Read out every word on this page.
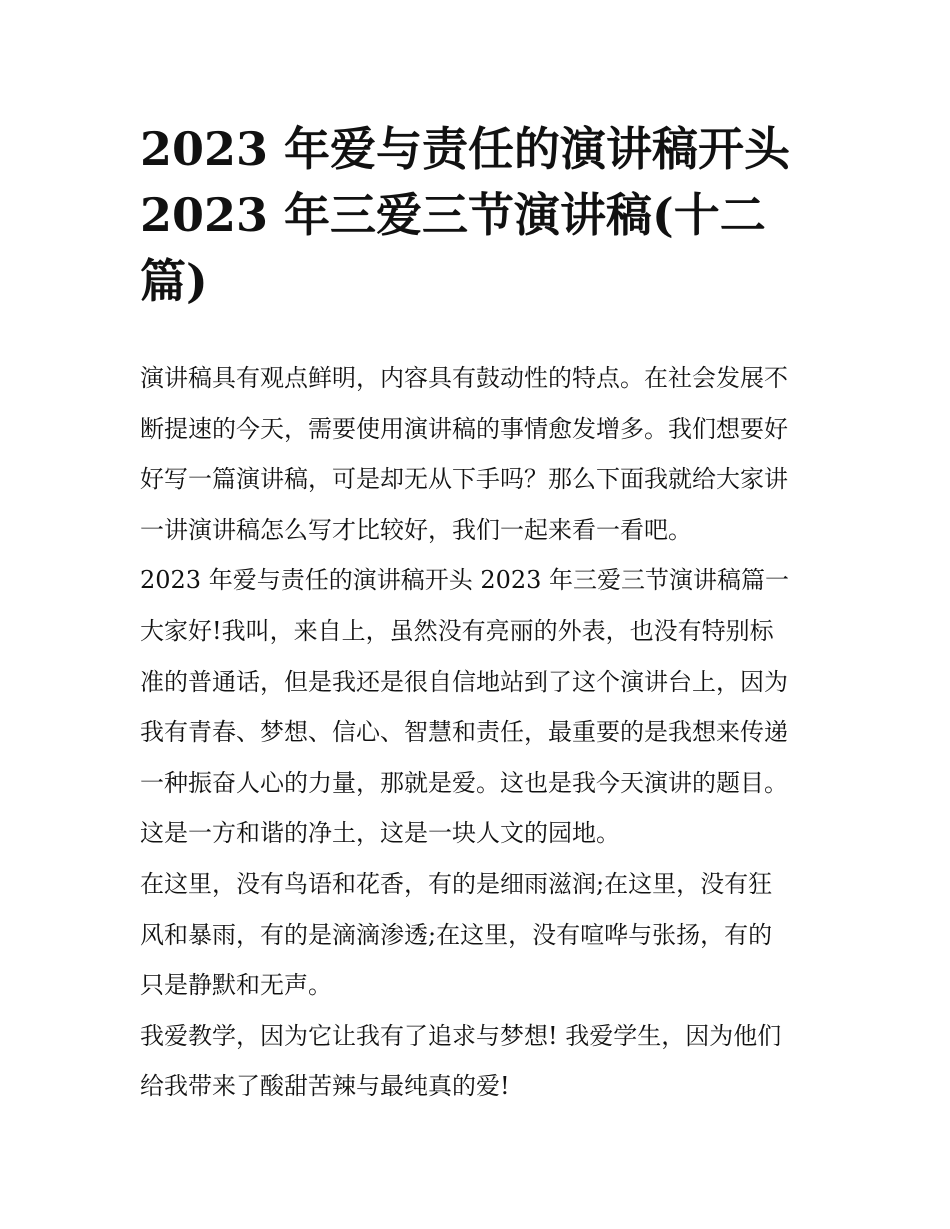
2023 年爱与责任的演讲稿开头
2023 年三爱三节演讲稿(十二
篇)

演讲稿具有观点鲜明，内容具有鼓动性的特点。在社会发展不
断提速的今天，需要使用演讲稿的事情愈发增多。我们想要好
好写一篇演讲稿，可是却无从下手吗？那么下面我就给大家讲
一讲演讲稿怎么写才比较好，我们一起来看一看吧。

2023 年爱与责任的演讲稿开头 2023 年三爱三节演讲稿篇一

大家好!我叫，来自上，虽然没有亮丽的外表，也没有特别标
准的普通话，但是我还是很自信地站到了这个演讲台上，因为
我有青春、梦想、信心、智慧和责任，最重要的是我想来传递
一种振奋人心的力量，那就是爱。这也是我今天演讲的题目。

这是一方和谐的净土，这是一块人文的园地。

在这里，没有鸟语和花香，有的是细雨滋润;在这里，没有狂
风和暴雨，有的是滴滴渗透;在这里，没有喧哗与张扬，有的
只是静默和无声。

我爱教学，因为它让我有了追求与梦想! 我爱学生，因为他们
给我带来了酸甜苦辣与最纯真的爱!
